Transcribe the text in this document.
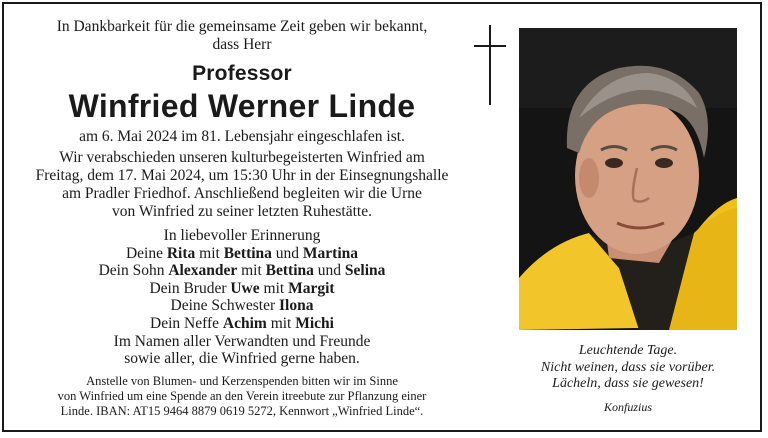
In Dankbarkeit für die gemeinsame Zeit geben wir bekannt,
dass Herr
Professor
Winfried Werner Linde
am 6. Mai 2024 im 81. Lebensjahr eingeschlafen ist.
Wir verabschieden unseren kulturbegeisterten Winfried am
Freitag, dem 17. Mai 2024, um 15:30 Uhr in der Einsegnungshalle
am Pradler Friedhof. Anschließend begleiten wir die Urne
von Winfried zu seiner letzten Ruhestätte.
In liebevoller Erinnerung
Deine Rita mit Bettina und Martina
Dein Sohn Alexander mit Bettina und Selina
Dein Bruder Uwe mit Margit
Deine Schwester Ilona
Dein Neffe Achim mit Michi
Im Namen aller Verwandten und Freunde
sowie aller, die Winfried gerne haben.
Anstelle von Blumen- und Kerzenspenden bitten wir im Sinne
von Winfried um eine Spende an den Verein itreebute zur Pflanzung einer
Linde. IBAN: AT15 9464 8879 0619 5272, Kennwort „Winfried Linde“.
Leuchtende Tage.
Nicht weinen, dass sie vorüber.
Lächeln, dass sie gewesen!
Konfuzius
